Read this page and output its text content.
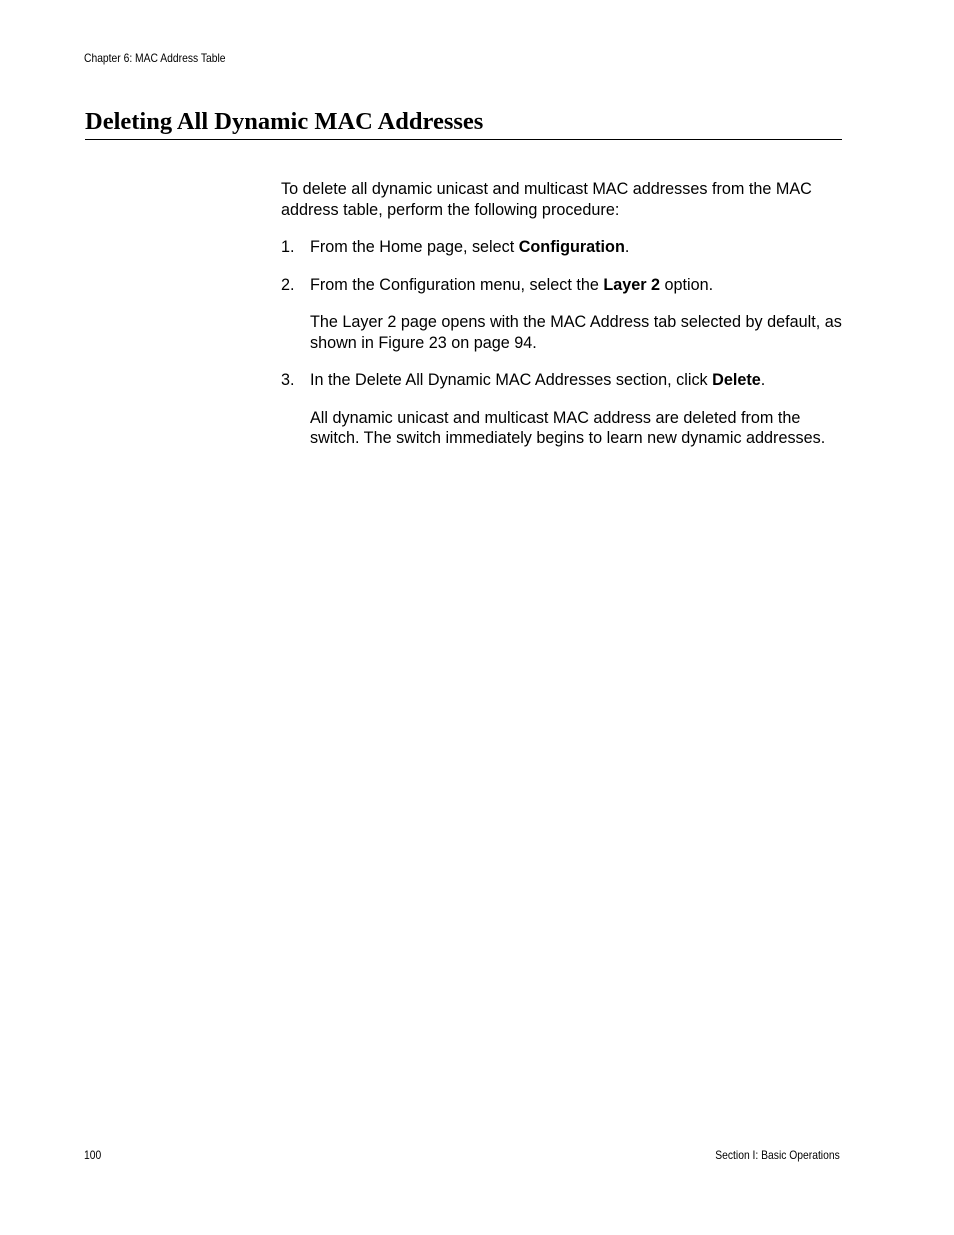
Chapter 6: MAC Address Table
Deleting All Dynamic MAC Addresses

To delete all dynamic unicast and multicast MAC addresses from the MAC address table, perform the following procedure:

1. From the Home page, select Configuration.

2. From the Configuration menu, select the Layer 2 option.

The Layer 2 page opens with the MAC Address tab selected by default, as shown in Figure 23 on page 94.

3. In the Delete All Dynamic MAC Addresses section, click Delete.

All dynamic unicast and multicast MAC address are deleted from the switch. The switch immediately begins to learn new dynamic addresses.

100	Section I: Basic Operations
